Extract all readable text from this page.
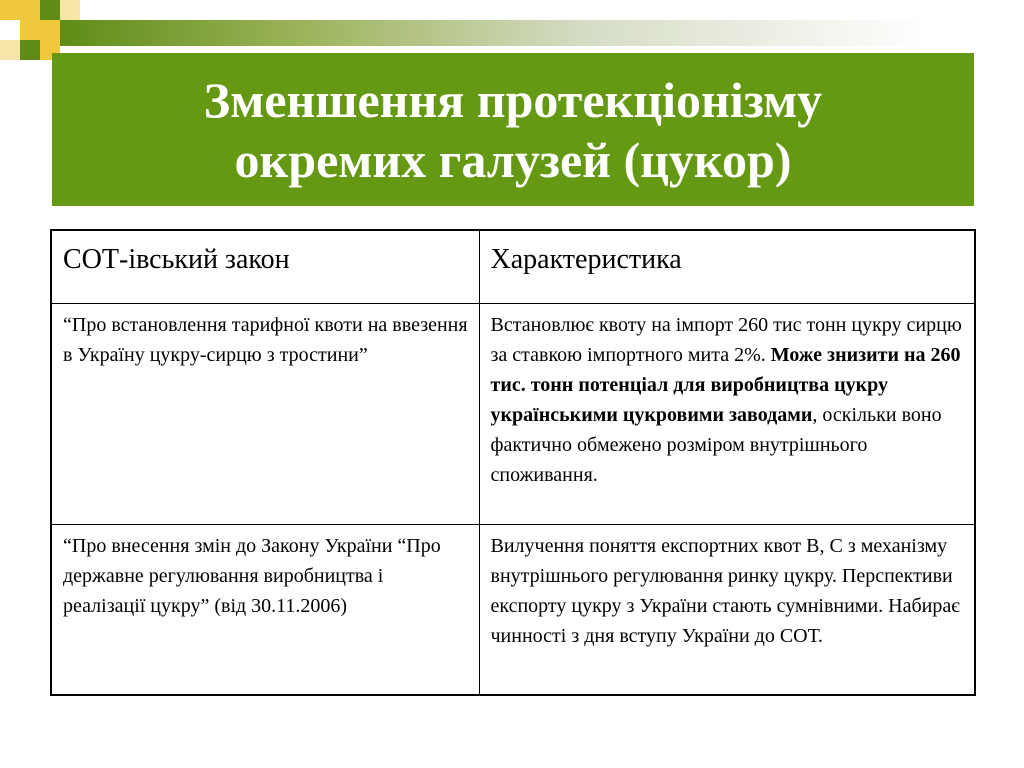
Зменшення протекціонізму
окремих галузей (цукор)
СОТ-івський закон	Характеристика
“Про встановлення тарифної квоти на ввезення в Україну цукру-сирцю з тростини”	Встановлює квоту на імпорт 260 тис тонн цукру сирцю за ставкою імпортного мита 2%. Може знизити на 260 тис. тонн потенціал для виробництва цукру українськими цукровими заводами, оскільки воно фактично обмежено розміром внутрішнього споживання.
“Про внесення змін до Закону України “Про державне регулювання виробництва і реалізації цукру” (від 30.11.2006)	Вилучення поняття експортних квот В, С з механізму внутрішнього регулювання ринку цукру. Перспективи експорту цукру з України стають сумнівними. Набирає чинності з дня вступу України до СОТ.
